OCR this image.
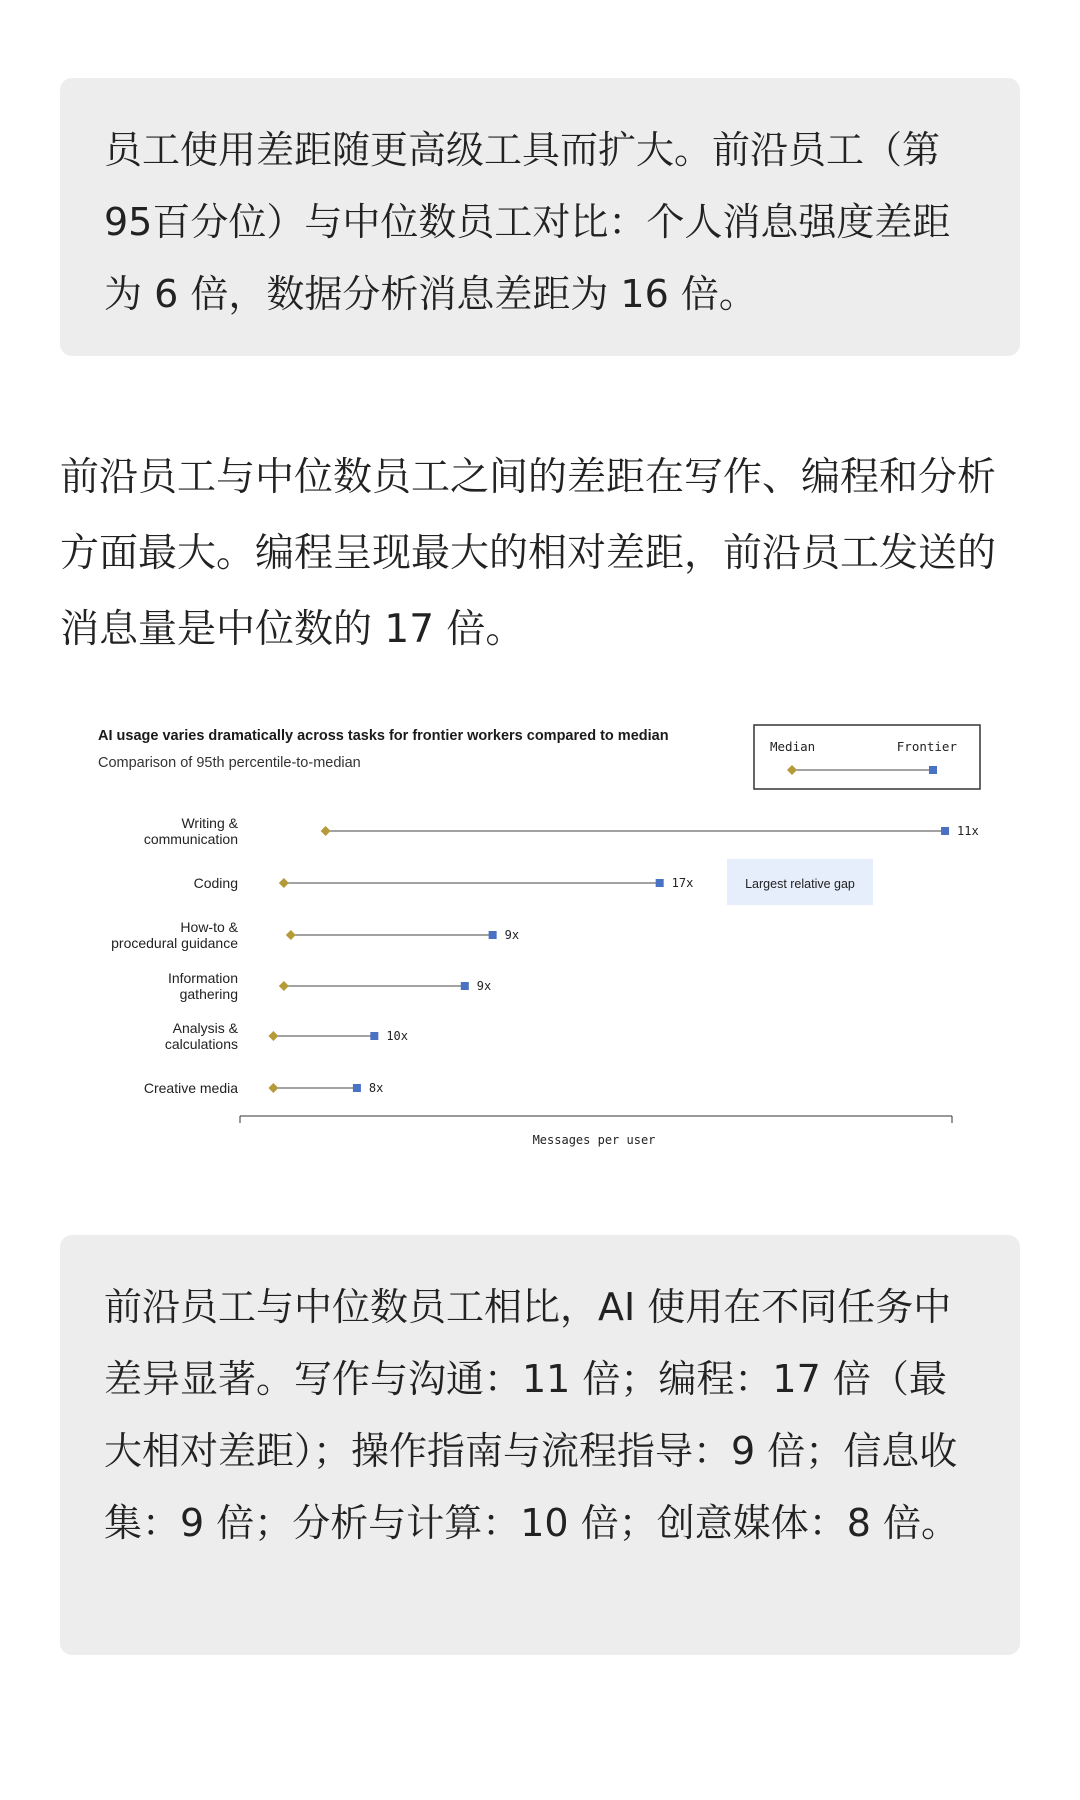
员工使用差距随更高级工具而扩大。前沿员工（第95百分位）与中位数员工对比：个人消息强度差距为 6 倍，数据分析消息差距为 16 倍。

前沿员工与中位数员工之间的差距在写作、编程和分析方面最大。编程呈现最大的相对差距，前沿员工发送的消息量是中位数的 17 倍。

AI usage varies dramatically across tasks for frontier workers compared to median
Comparison of 95th percentile-to-median
Median	Frontier
Writing & communication	11x
Coding	17x	Largest relative gap
How-to & procedural guidance	9x
Information gathering	9x
Analysis & calculations	10x
Creative media	8x
Messages per user

前沿员工与中位数员工相比，AI 使用在不同任务中差异显著。写作与沟通：11 倍；编程：17 倍（最大相对差距）；操作指南与流程指导：9 倍；信息收集：9 倍；分析与计算：10 倍；创意媒体：8 倍。
